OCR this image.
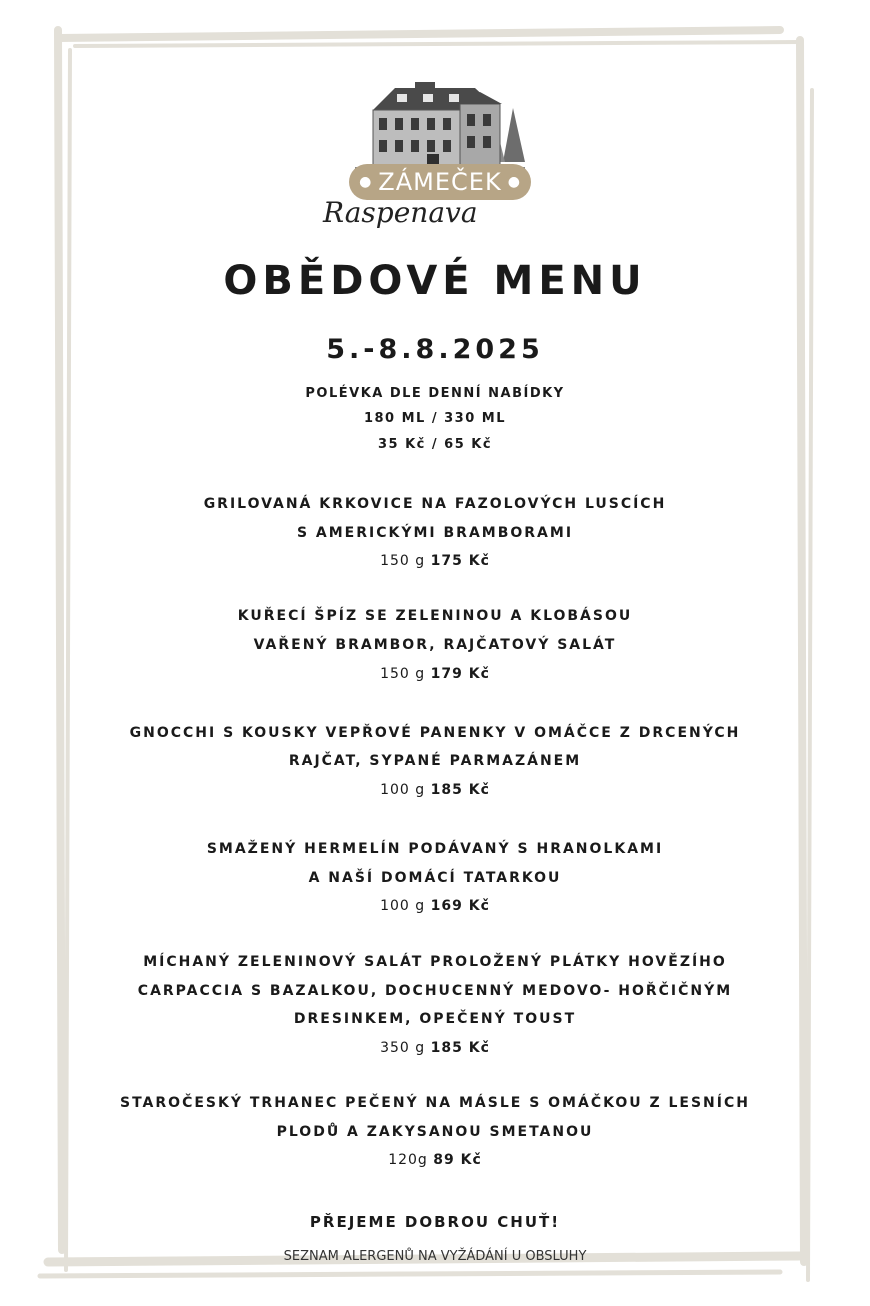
● ZÁMEČEK ●
Raspenava
OBĚDOVÉ MENU
5.-8.8.2025
POLÉVKA DLE DENNÍ NABÍDKY
180 ML / 330 ML
35 Kč / 65 Kč
GRILOVANÁ KRKOVICE NA FAZOLOVÝCH LUSCÍCH
S AMERICKÝMI BRAMBORAMI
150 g 175 Kč
KUŘECÍ ŠPÍZ SE ZELENINOU A KLOBÁSOU
VAŘENÝ BRAMBOR, RAJČATOVÝ SALÁT
150 g 179 Kč
GNOCCHI S KOUSKY VEPŘOVÉ PANENKY V OMÁČCE Z DRCENÝCH
RAJČAT, SYPANÉ PARMAZÁNEM
100 g 185 Kč
SMAŽENÝ HERMELÍN PODÁVANÝ S HRANOLKAMI
A NAŠÍ DOMÁCÍ TATARKOU
100 g 169 Kč
MÍCHANÝ ZELENINOVÝ SALÁT PROLOŽENÝ PLÁTKY HOVĚZÍHO
CARPACCIA S BAZALKOU, DOCHUCENNÝ MEDOVO- HOŘČIČNÝM
DRESINKEM, OPEČENÝ TOUST
350 g 185 Kč
STAROČESKÝ TRHANEC PEČENÝ NA MÁSLE S OMÁČKOU Z LESNÍCH
PLODŮ A ZAKYSANOU SMETANOU
120g 89 Kč
PŘEJEME DOBROU CHUŤ!
SEZNAM ALERGENŮ NA VYŽÁDÁNÍ U OBSLUHY
